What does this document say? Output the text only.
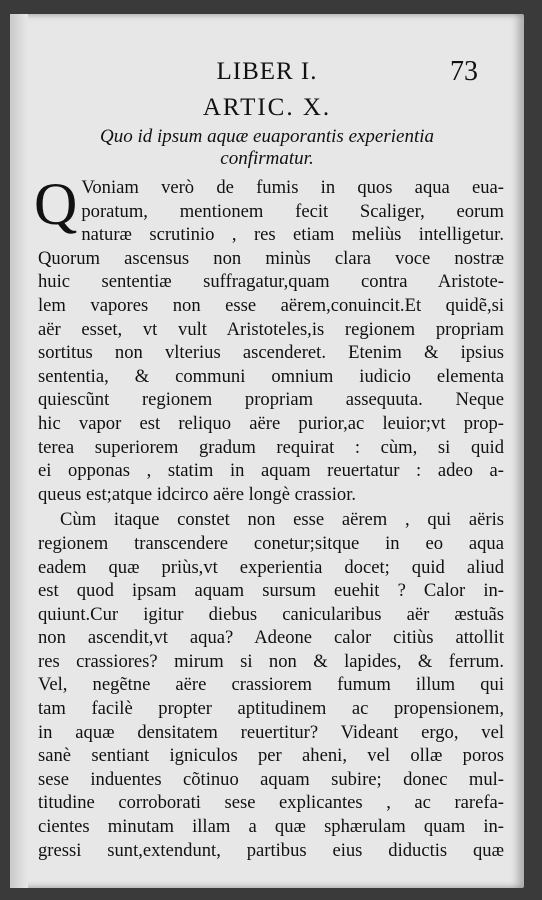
LIBER I.	73
ARTIC. X.
Quo id ipsum aquæ euaporantis experientia
confirmatur.
Q Voniam verò de fumis in quos aqua eua-
poratum, mentionem fecit Scaliger, eorum
naturæ scrutinio , res etiam meliùs intelligetur.
Quorum ascensus non minùs clara voce nostræ
huic sententiæ suffragatur,quam contra Aristote-
lem vapores non esse aërem,conuincit.Et quidẽ,si
aër esset, vt vult Aristoteles,is regionem propriam
sortitus non vlterius ascenderet. Etenim & ipsius
sententia, & communi omnium iudicio elementa
quiescũnt regionem propriam assequuta. Neque
hic vapor est reliquo aëre purior,ac leuior;vt prop-
terea superiorem gradum requirat : cùm, si quid
ei opponas , statim in aquam reuertatur : adeo a-
queus est;atque idcirco aëre longè crassior.
Cùm itaque constet non esse aërem , qui aëris
regionem transcendere conetur;sitque in eo aqua
eadem quæ priùs,vt experientia docet; quid aliud
est quod ipsam aquam sursum euehit ? Calor in-
quiunt.Cur igitur diebus canicularibus aër æstuãs
non ascendit,vt aqua? Adeone calor citiùs attollit
res crassiores? mirum si non & lapides, & ferrum.
Vel, negẽtne aëre crassiorem fumum illum qui
tam facilè propter aptitudinem ac propensionem,
in aquæ densitatem reuertitur? Videant ergo, vel
sanè sentiant igniculos per aheni, vel ollæ poros
sese induentes cõtinuo aquam subire; donec mul-
titudine corroborati sese explicantes , ac rarefa-
cientes minutam illam a quæ sphærulam quam in-
gressi sunt,extendunt, partibus eius diductis quæ
